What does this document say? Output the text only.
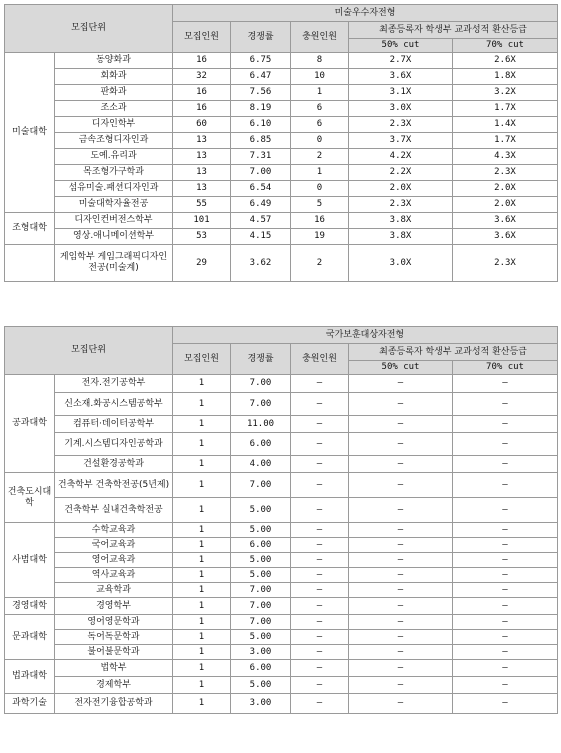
모집단위		미술우수자전형				
		모집인원	경쟁률	충원인원	최종등록자 학생부 교과성적 환산등급	
					50% cut	70% cut
미술대학	동양화과	16	6.75	8	2.7X	2.6X
	회화과	32	6.47	10	3.6X	1.8X
	판화과	16	7.56	1	3.1X	3.2X
	조소과	16	8.19	6	3.0X	1.7X
	디자인학부	60	6.10	6	2.3X	1.4X
	금속조형디자인과	13	6.85	0	3.7X	1.7X
	도예.유리과	13	7.31	2	4.2X	4.3X
	목조형가구학과	13	7.00	1	2.2X	2.3X
	섬유미술.패션디자인과	13	6.54	0	2.0X	2.0X
	미술대학자율전공	55	6.49	5	2.3X	2.0X
조형대학	디자인컨버전스학부	101	4.57	16	3.8X	3.6X
	영상.애니메이션학부	53	4.15	19	3.8X	3.6X
	게임학부 게임그래픽디자인전공(미술계)	29	3.62	2	3.0X	2.3X
모집단위		국가보훈대상자전형				
		모집인원	경쟁률	충원인원	최종등록자 학생부 교과성적 환산등급	
					50% cut	70% cut
공과대학	전자.전기공학부	1	7.00	–	–	–
	신소재.화공시스템공학부	1	7.00	–	–	–
	컴퓨터·데이터공학부	1	11.00	–	–	–
	기계.시스템디자인공학과	1	6.00	–	–	–
	건설환경공학과	1	4.00	–	–	–
건축도시대학	건축학부 건축학전공(5년제)	1	7.00	–	–	–
	건축학부 실내건축학전공	1	5.00	–	–	–
사범대학	수학교육과	1	5.00	–	–	–
	국어교육과	1	6.00	–	–	–
	영어교육과	1	5.00	–	–	–
	역사교육과	1	5.00	–	–	–
	교육학과	1	7.00	–	–	–
경영대학	경영학부	1	7.00	–	–	–
문과대학	영어영문학과	1	7.00	–	–	–
	독어독문학과	1	5.00	–	–	–
	불어불문학과	1	3.00	–	–	–
법과대학	법학부	1	6.00	–	–	–
	경제학부	1	5.00	–	–	–
과학기술	전자전기융합공학과	1	3.00	–	–	–
